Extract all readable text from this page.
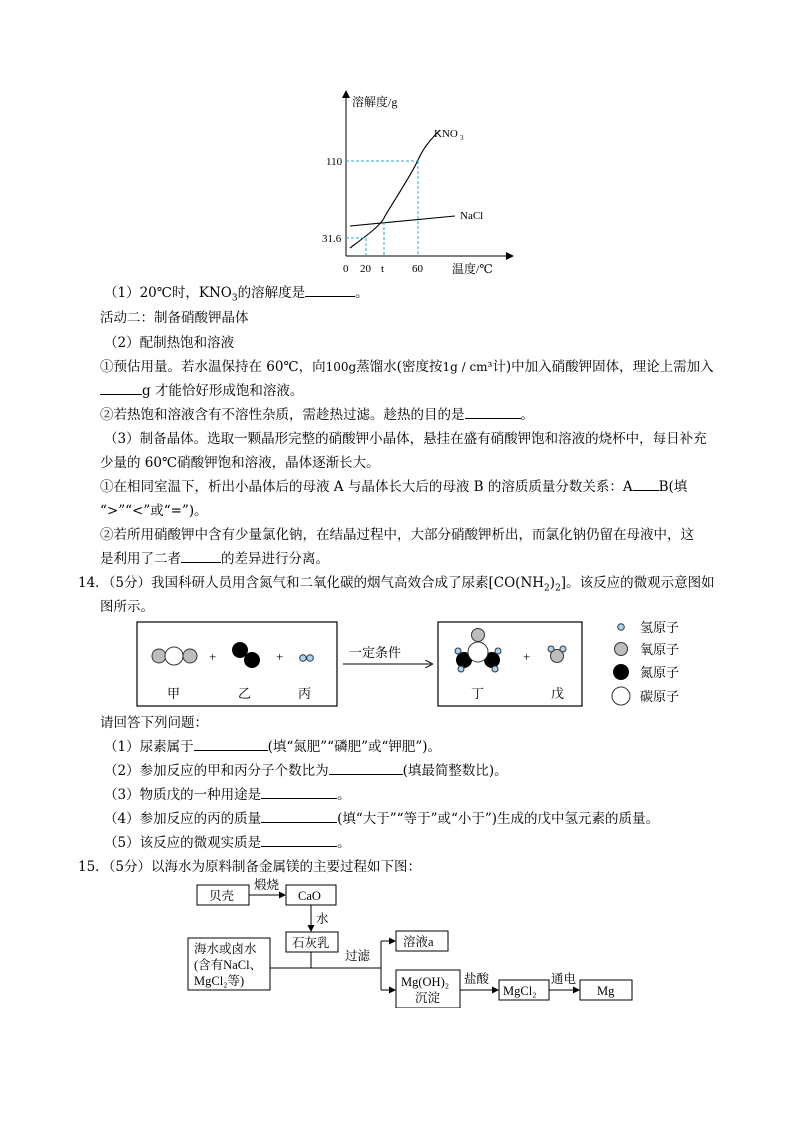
溶解度/g
温度/℃
KNO 3
NaCl
0 20 t	60
31.6
110
（1）20℃时，$KNO_3$的溶解度是	。
活动二：制备硝酸钾晶体
（2）配制热饱和溶液
①预估用量。若水温保持在 60℃，向100g蒸馏水(密度按1g / cm³计)中加入硝酸钾固体，理论上需加入
g 才能恰好形成饱和溶液。
②若热饱和溶液含有不溶性杂质，需趁热过滤。趁热的目的是	。
（3）制备晶体。选取一颗晶形完整的硝酸钾小晶体，悬挂在盛有硝酸钾饱和溶液的烧杯中，每日补充
少量的 60℃硝酸钾饱和溶液，晶体逐渐长大。
①在相同室温下，析出小晶体后的母液 A 与晶体长大后的母液 B 的溶质质量分数关系：A B(填
“>”“<”或“=”)。
②若所用硝酸钾中含有少量氯化钠，在结晶过程中，大部分硝酸钾析出，而氯化钠仍留在母液中，这
是利用了二者	的差异进行分离。
14．（5分）我国科研人员用含氮气和二氧化碳的烟气高效合成了尿素$[CO(NH_2)_2]$。该反应的微观示意图如
图所示。
+	+
甲	乙	丙
一定条件	+
丁	戊
氢原子
氧原子
氮原子
碳原子
请回答下列问题：
（1）尿素属于	(填“氮肥”“磷肥”或“钾肥”)。
（2）参加反应的甲和丙分子个数比为	(填最简整数比)。
（3）物质戊的一种用途是	。
（4）参加反应的丙的质量	(填“大于”“等于”或“小于”)生成的戊中氢元素的质量。
（5）该反应的微观实质是	。
15．（5分）以海水为原料制备金属镁的主要过程如下图：
贝壳
煅烧
CaO
水
石灰乳
海水或卤水
(含有NaCl、
MgCl₂等)
过滤
溶液a
Mg(OH)₂
沉淀
盐酸
MgCl₂
通电
Mg
